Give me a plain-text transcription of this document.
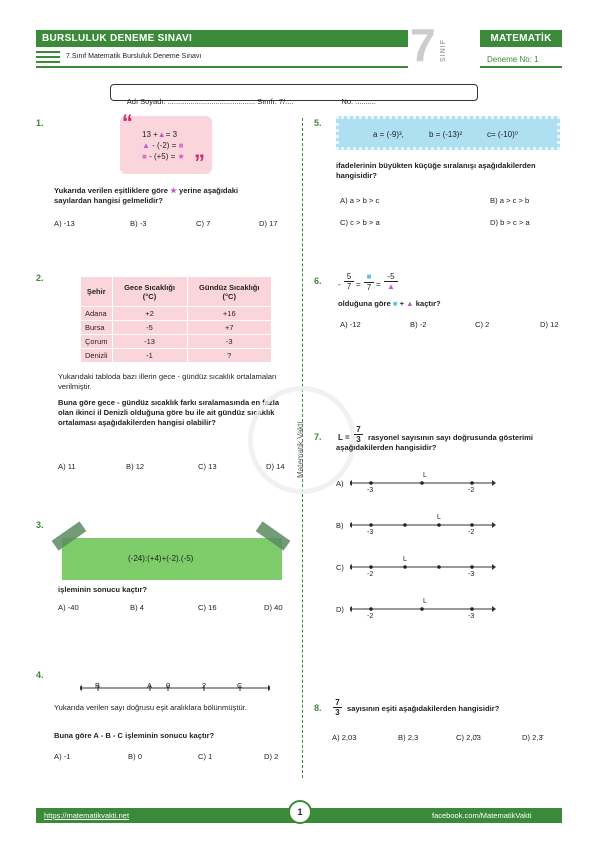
BURSLULUK DENEME SINAVI
7.Sınıf Matematik Bursluluk Deneme Sınavı	7 SINIF
MATEMATİK
Deneme No: 1

Adı Soyadı: .......................................... Sınıfı: 7/....                       No: ..........

1.	“
”
13 +▲= 3
▲ - (-2) = ■
■ - (+5) = ★
Yukarıda verilen eşitliklere göre ★ yerine aşağıdaki
sayılardan hangisi gelmelidir?
A) -13	B) -3	C) 7	D) 17
2.
Şehir	Gece Sıcaklığı (°C)	Gündüz Sıcaklığı (°C)
Adana	+2	+16
Bursa	-5	+7
Çorum	-13	-3
Denizli	-1	?
Yukarıdaki tabloda bazı illerin gece - gündüz sıcaklık ortalamaları verilmiştir.
Buna göre gece - gündüz sıcaklık farkı sıralamasında en fazla olan ikinci il Denizli olduğuna göre bu ile ait gündüz sıcaklık ortalaması aşağıdakilerden hangisi olabilir?
A) 11	B) 12	C) 13	D) 14 Matematik Vakti
3.
(-24):(+4)+(-2).(-5)
işleminin sonucu kaçtır?
A) -40	B) 4	C) 16	D) 40
4.
B	A 0	2	C
Yukarıda verilen sayı doğrusu eşit aralıklara bölünmüştür.
Buna göre A - B - C işleminin sonucu kaçtır?
A) -1	B) 0	C) 1	D) 2
5.
a = (-9)³,	b = (-13)²	c= (-10)⁰
ifadelerinin büyükten küçüğe sıralanışı aşağıdakilerden hangisidir?
A) a > b > c	B) a > c > b
C) c > b > a	D) b > c > a
6. - $\frac{5}{7}$ =
■
7 =
-5
▲
olduğuna göre ■ + ▲ kaçtır?
A) -12	B) -2	C) 2	D) 12
7. $L = \frac{7}{3}$ rasyonel sayısının sayı doğrusunda gösterimi aşağıdakilerden hangisidir?
A)
L
-3	-2
B)
L
-3	-2
C)
L
-2	-3
D)
L
-2	-3
8. $\frac{7}{3}$ sayısının eşiti aşağıdakilerden hangisidir?
A) 2,03	B) 2,3	C) 2,0̄3	D) 2,3̄
https://matematikvakti.net	1	facebook.com/MatematikVakti
